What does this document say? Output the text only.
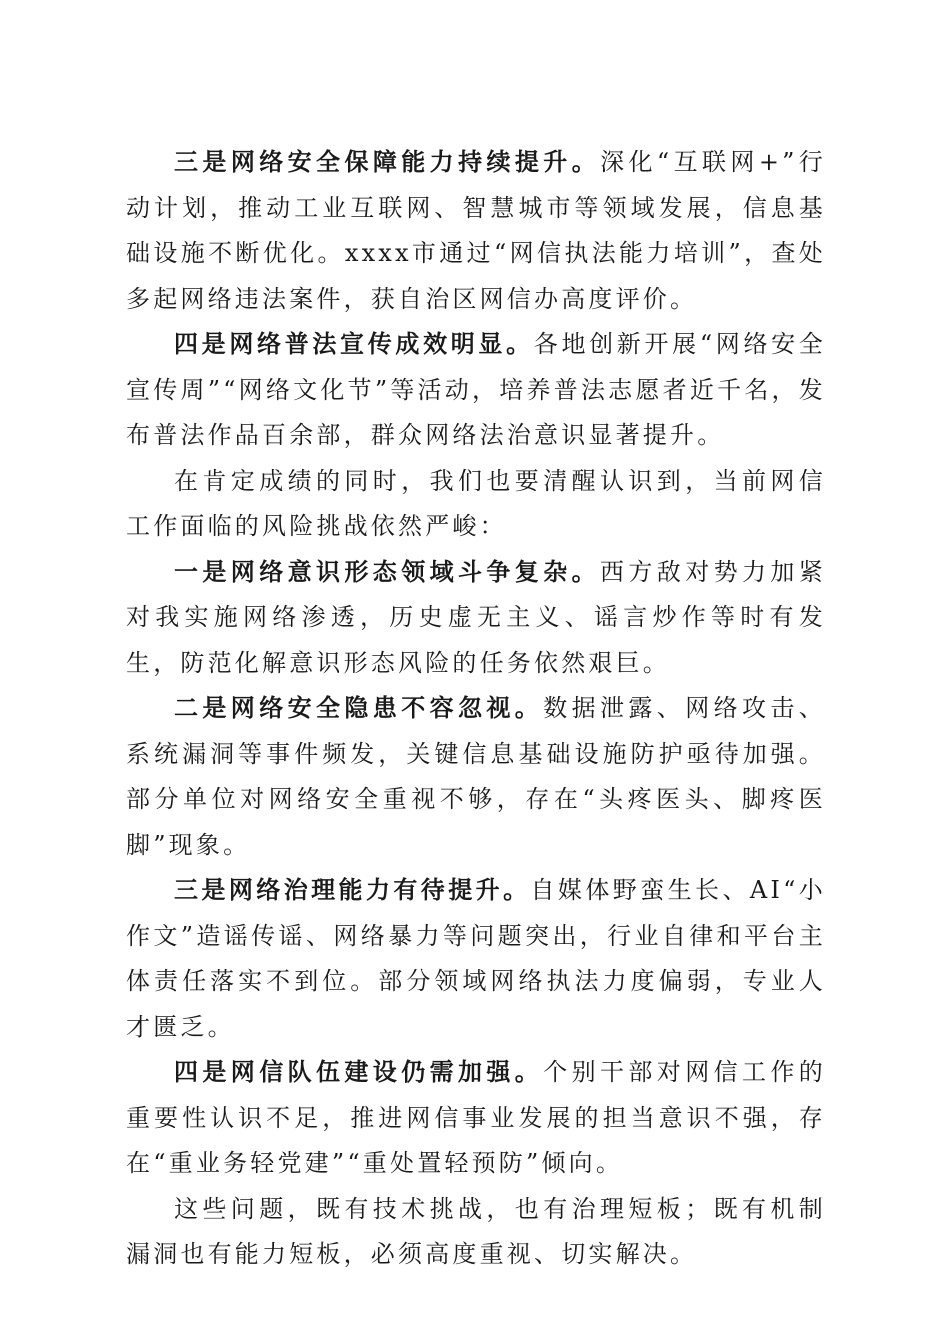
三是网络安全保障能力持续提升。深化“互联网+”行动计划，推动工业互联网、智慧城市等领域发展，信息基础设施不断优化。xxxx市通过“网信执法能力培训”，查处多起网络违法案件，获自治区网信办高度评价。

四是网络普法宣传成效明显。各地创新开展“网络安全宣传周”“网络文化节”等活动，培养普法志愿者近千名，发布普法作品百余部，群众网络法治意识显著提升。

在肯定成绩的同时，我们也要清醒认识到，当前网信工作面临的风险挑战依然严峻：

一是网络意识形态领域斗争复杂。西方敌对势力加紧对我实施网络渗透，历史虚无主义、谣言炒作等时有发生，防范化解意识形态风险的任务依然艰巨。

二是网络安全隐患不容忽视。数据泄露、网络攻击、系统漏洞等事件频发，关键信息基础设施防护亟待加强。部分单位对网络安全重视不够，存在“头疼医头、脚疼医脚”现象。

三是网络治理能力有待提升。自媒体野蛮生长、AI“小作文”造谣传谣、网络暴力等问题突出，行业自律和平台主体责任落实不到位。部分领域网络执法力度偏弱，专业人才匮乏。

四是网信队伍建设仍需加强。个别干部对网信工作的重要性认识不足，推进网信事业发展的担当意识不强，存在“重业务轻党建”“重处置轻预防”倾向。

这些问题，既有技术挑战，也有治理短板；既有机制漏洞也有能力短板，必须高度重视、切实解决。
